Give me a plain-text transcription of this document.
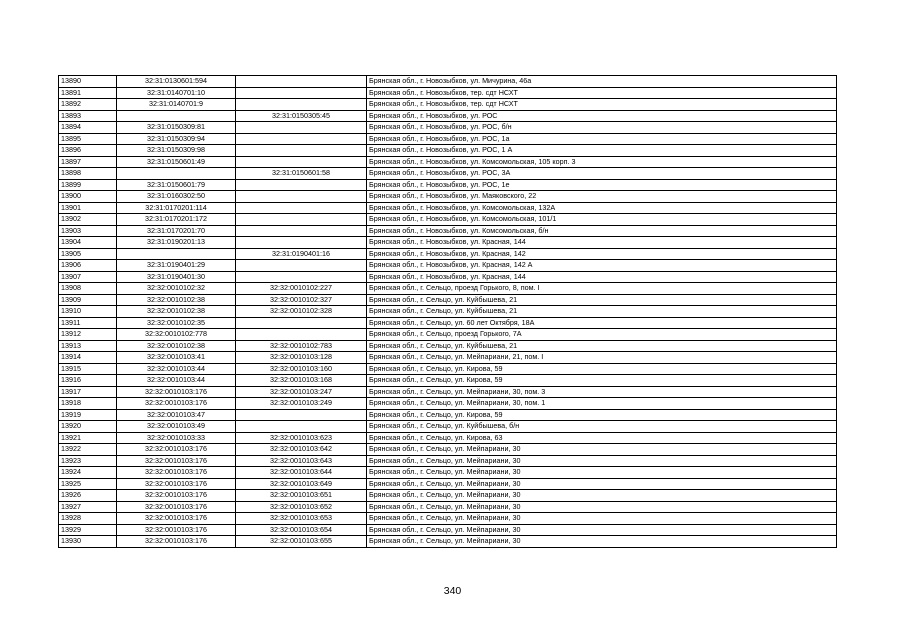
13890	32:31:0130601:594		Брянская обл., г. Новозыбков, ул. Мичурина, 46а
13891	32:31:0140701:10		Брянская обл., г. Новозыбков, тер. сдт НСХТ
13892	32:31:0140701:9		Брянская обл., г. Новозыбков, тер. сдт НСХТ
13893		32:31:0150305:45	Брянская обл., г. Новозыбков, ул. РОС
13894	32:31:0150309:81		Брянская обл., г. Новозыбков, ул. РОС, б/н
13895	32:31:0150309:94		Брянская обл., г. Новозыбков, ул. РОС, 1а
13896	32:31:0150309:98		Брянская обл., г. Новозыбков, ул. РОС, 1 А
13897	32:31:0150601:49		Брянская обл., г. Новозыбков, ул. Комсомольская, 105 корп. 3
13898		32:31:0150601:58	Брянская обл., г. Новозыбков, ул. РОС, 3А
13899	32:31:0150601:79		Брянская обл., г. Новозыбков, ул. РОС, 1е
13900	32:31:0160302:50		Брянская обл., г. Новозыбков, ул. Маяковского, 22
13901	32:31:0170201:114		Брянская обл., г. Новозыбков, ул. Комсомольская, 132А
13902	32:31:0170201:172		Брянская обл., г. Новозыбков, ул. Комсомольская, 101/1
13903	32:31:0170201:70		Брянская обл., г. Новозыбков, ул. Комсомольская, б/н
13904	32:31:0190201:13		Брянская обл., г. Новозыбков, ул. Красная, 144
13905		32:31:0190401:16	Брянская обл., г. Новозыбков, ул. Красная, 142
13906	32:31:0190401:29		Брянская обл., г. Новозыбков, ул. Красная, 142 А
13907	32:31:0190401:30		Брянская обл., г. Новозыбков, ул. Красная, 144
13908	32:32:0010102:32	32:32:0010102:227	Брянская обл., г. Сельцо, проезд Горького, 8, пом. I
13909	32:32:0010102:38	32:32:0010102:327	Брянская обл., г. Сельцо, ул. Куйбышева, 21
13910	32:32:0010102:38	32:32:0010102:328	Брянская обл., г. Сельцо, ул. Куйбышева, 21
13911	32:32:0010102:35		Брянская обл., г. Сельцо, ул. 60 лет Октября, 18А
13912	32:32:0010102:778		Брянская обл., г. Сельцо, проезд Горького, 7А
13913	32:32:0010102:38	32:32:0010102:783	Брянская обл., г. Сельцо, ул. Куйбышева, 21
13914	32:32:0010103:41	32:32:0010103:128	Брянская обл., г. Сельцо, ул. Мейпариани, 21, пом. I
13915	32:32:0010103:44	32:32:0010103:160	Брянская обл., г. Сельцо, ул. Кирова, 59
13916	32:32:0010103:44	32:32:0010103:168	Брянская обл., г. Сельцо, ул. Кирова, 59
13917	32:32:0010103:176	32:32:0010103:247	Брянская обл., г. Сельцо, ул. Мейпариани, 30, пом. 3
13918	32:32:0010103:176	32:32:0010103:249	Брянская обл., г. Сельцо, ул. Мейпариани, 30, пом. 1
13919	32:32:0010103:47		Брянская обл., г. Сельцо, ул. Кирова, 59
13920	32:32:0010103:49		Брянская обл., г. Сельцо, ул. Куйбышева, б/н
13921	32:32:0010103:33	32:32:0010103:623	Брянская обл., г. Сельцо, ул. Кирова, 63
13922	32:32:0010103:176	32:32:0010103:642	Брянская обл., г. Сельцо, ул. Мейпариани, 30
13923	32:32:0010103:176	32:32:0010103:643	Брянская обл., г. Сельцо, ул. Мейпариани, 30
13924	32:32:0010103:176	32:32:0010103:644	Брянская обл., г. Сельцо, ул. Мейпариани, 30
13925	32:32:0010103:176	32:32:0010103:649	Брянская обл., г. Сельцо, ул. Мейпариани, 30
13926	32:32:0010103:176	32:32:0010103:651	Брянская обл., г. Сельцо, ул. Мейпариани, 30
13927	32:32:0010103:176	32:32:0010103:652	Брянская обл., г. Сельцо, ул. Мейпариани, 30
13928	32:32:0010103:176	32:32:0010103:653	Брянская обл., г. Сельцо, ул. Мейпариани, 30
13929	32:32:0010103:176	32:32:0010103:654	Брянская обл., г. Сельцо, ул. Мейпариани, 30
13930	32:32:0010103:176	32:32:0010103:655	Брянская обл., г. Сельцо, ул. Мейпариани, 30
340
